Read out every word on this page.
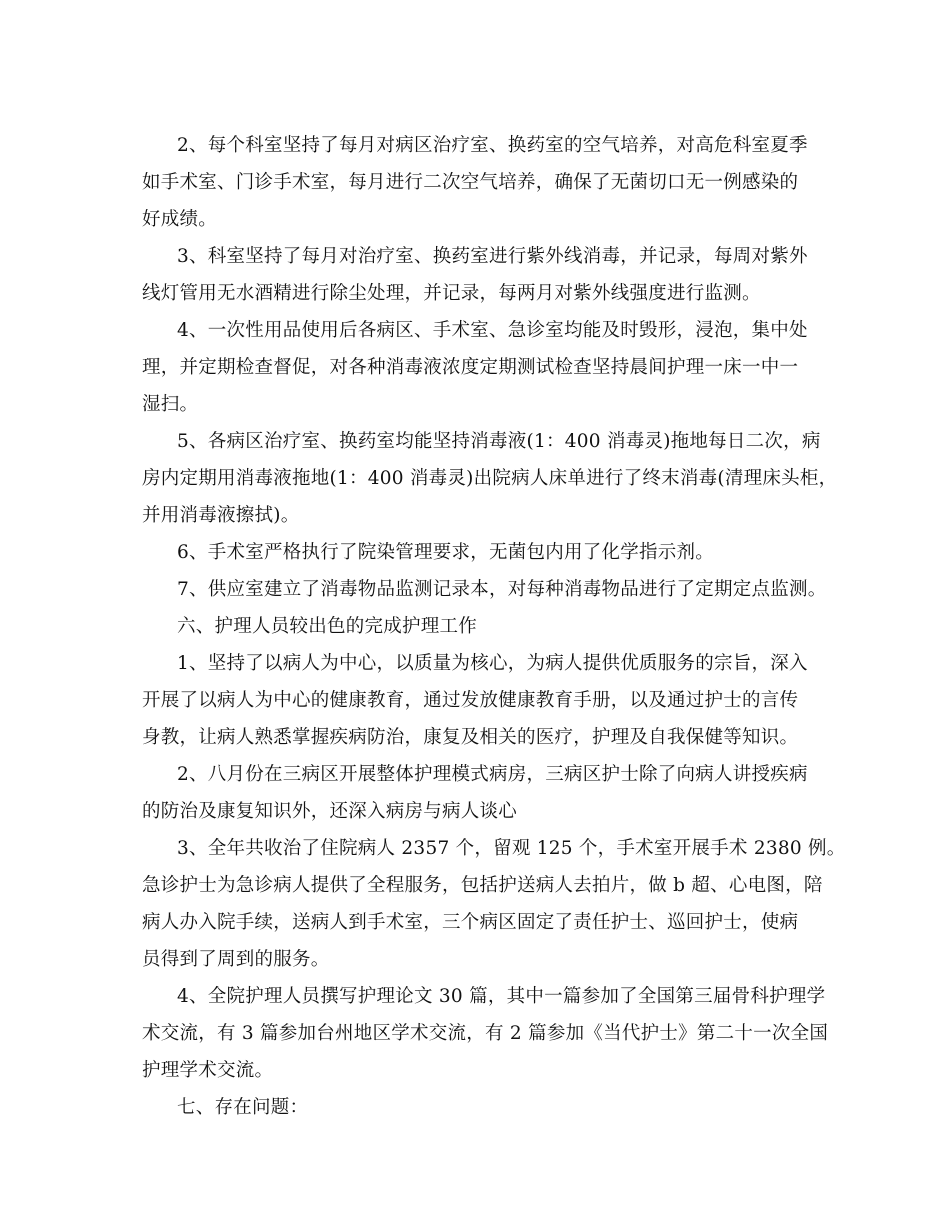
2、每个科室坚持了每月对病区治疗室、换药室的空气培养，对高危科室夏季
如手术室、门诊手术室，每月进行二次空气培养，确保了无菌切口无一例感染的
好成绩。
3、科室坚持了每月对治疗室、换药室进行紫外线消毒，并记录，每周对紫外
线灯管用无水酒精进行除尘处理，并记录，每两月对紫外线强度进行监测。
4、一次性用品使用后各病区、手术室、急诊室均能及时毁形，浸泡，集中处
理，并定期检查督促，对各种消毒液浓度定期测试检查坚持晨间护理一床一中一
湿扫。
5、各病区治疗室、换药室均能坚持消毒液(1：400 消毒灵)拖地每日二次，病
房内定期用消毒液拖地(1：400 消毒灵)出院病人床单进行了终末消毒(清理床头柜，
并用消毒液擦拭)。
6、手术室严格执行了院染管理要求，无菌包内用了化学指示剂。
7、供应室建立了消毒物品监测记录本，对每种消毒物品进行了定期定点监测。
六、护理人员较出色的完成护理工作
1、坚持了以病人为中心，以质量为核心，为病人提供优质服务的宗旨，深入
开展了以病人为中心的健康教育，通过发放健康教育手册，以及通过护士的言传
身教，让病人熟悉掌握疾病防治，康复及相关的医疗，护理及自我保健等知识。
2、八月份在三病区开展整体护理模式病房，三病区护士除了向病人讲授疾病
的防治及康复知识外，还深入病房与病人谈心
3、全年共收治了住院病人 2357 个，留观 125 个，手术室开展手术 2380 例。
急诊护士为急诊病人提供了全程服务，包括护送病人去拍片，做 b 超、心电图，陪
病人办入院手续，送病人到手术室，三个病区固定了责任护士、巡回护士，使病
员得到了周到的服务。
4、全院护理人员撰写护理论文 30 篇，其中一篇参加了全国第三届骨科护理学
术交流，有 3 篇参加台州地区学术交流，有 2 篇参加《当代护士》第二十一次全国
护理学术交流。
七、存在问题：
